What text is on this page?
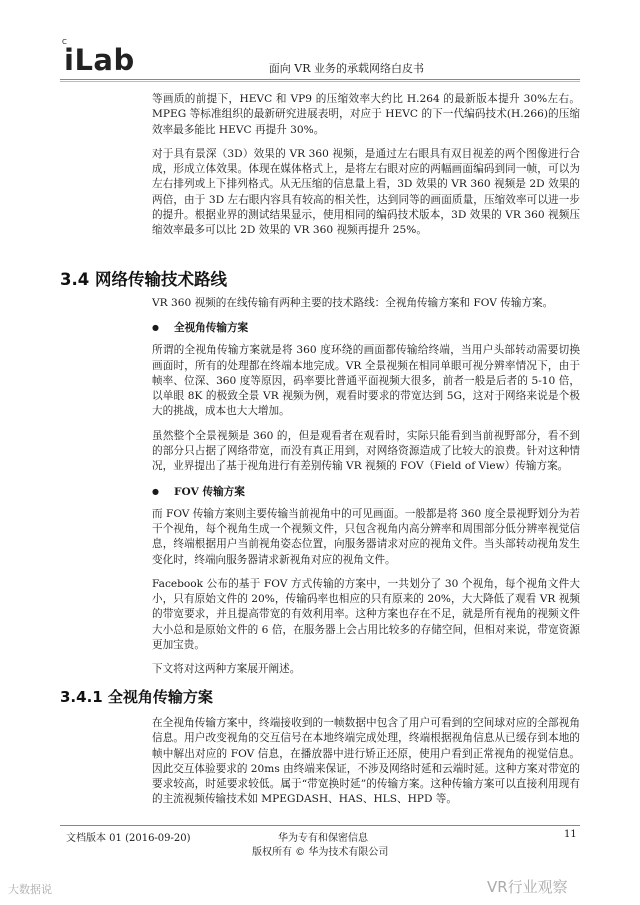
C
iLab	面向 VR 业务的承载网络白皮书

等画质的前提下，HEVC 和 VP9 的压缩效率大约比 H.264 的最新版本提升 30%左右。MPEG 等标准组织的最新研究进展表明，对应于 HEVC 的下一代编码技术(H.266)的压缩效率最多能比 HEVC 再提升 30%。

对于具有景深（3D）效果的 VR 360 视频，是通过左右眼具有双目视差的两个图像进行合成，形成立体效果。体现在媒体格式上，是将左右眼对应的两幅画面编码到同一帧，可以为左右排列或上下排列格式。从无压缩的信息量上看，3D 效果的 VR 360 视频是 2D 效果的两倍，由于 3D 左右眼内容具有较高的相关性，达到同等的画面质量，压缩效率可以进一步的提升。根据业界的测试结果显示，使用相同的编码技术版本，3D 效果的 VR 360 视频压缩效率最多可以比 2D 效果的 VR 360 视频再提升 25%。

3.4 网络传输技术路线

VR 360 视频的在线传输有两种主要的技术路线：全视角传输方案和 FOV 传输方案。

● 全视角传输方案

所谓的全视角传输方案就是将 360 度环绕的画面都传输给终端，当用户头部转动需要切换画面时，所有的处理都在终端本地完成。VR 全景视频在相同单眼可视分辨率情况下，由于帧率、位深、360 度等原因，码率要比普通平面视频大很多，前者一般是后者的 5-10 倍，以单眼 8K 的极致全景 VR 视频为例，观看时要求的带宽达到 5G，这对于网络来说是个极大的挑战，成本也大大增加。

虽然整个全景视频是 360 的，但是观看者在观看时，实际只能看到当前视野部分，看不到的部分只占据了网络带宽，而没有真正用到，对网络资源造成了比较大的浪费。针对这种情况，业界提出了基于视角进行有差别传输 VR 视频的 FOV（Field of View）传输方案。

● FOV 传输方案

而 FOV 传输方案则主要传输当前视角中的可见画面。一般都是将 360 度全景视野划分为若干个视角，每个视角生成一个视频文件，只包含视角内高分辨率和周围部分低分辨率视觉信息，终端根据用户当前视角姿态位置，向服务器请求对应的视角文件。当头部转动视角发生变化时，终端向服务器请求新视角对应的视角文件。

Facebook 公布的基于 FOV 方式传输的方案中，一共划分了 30 个视角，每个视角文件大小，只有原始文件的 20%，传输码率也相应的只有原来的 20%，大大降低了观看 VR 视频的带宽要求，并且提高带宽的有效利用率。这种方案也存在不足，就是所有视角的视频文件大小总和是原始文件的 6 倍，在服务器上会占用比较多的存储空间，但相对来说，带宽资源更加宝贵。

下文将对这两种方案展开阐述。

3.4.1 全视角传输方案

在全视角传输方案中，终端接收到的一帧数据中包含了用户可看到的空间球对应的全部视角信息。用户改变视角的交互信号在本地终端完成处理，终端根据视角信息从已缓存到本地的帧中解出对应的 FOV 信息，在播放器中进行矫正还原，使用户看到正常视角的视觉信息。因此交互体验要求的 20ms 由终端来保证，不涉及网络时延和云端时延。这种方案对带宽的要求较高，时延要求较低。属于“带宽换时延”的传输方案。这种传输方案可以直接利用现有的主流视频传输技术如 MPEGDASH、HAS、HLS、HPD 等。

文档版本 01 (2016-09-20)	华为专有和保密信息
版权所有 © 华为技术有限公司
11
大数据说	VR行业观察
